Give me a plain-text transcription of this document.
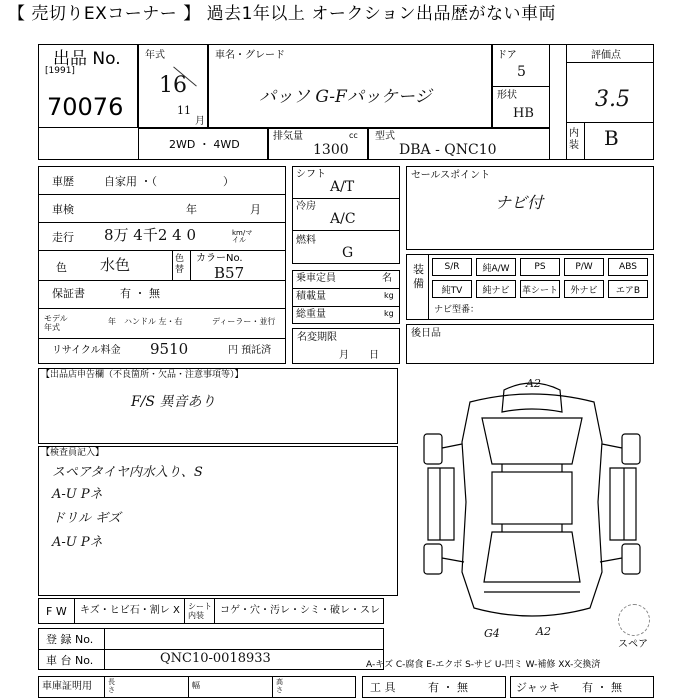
【 売切りEXコーナー 】 過去1年以上 オークション出品歴がない車両
出品 No.
[1991]
70076
年式
16
11
月
車名・グレード
パッソ G-Fパッケージ
ドア
5
形状
HB
評価点
3.5
内装 B
2WD ・ 4WD
排気量	cc
1300
型式
DBA - QNC10
車歴	自家用 ・（　　　　　　）
車検	年	月
走行 8万 4千2 4 0	km/マイル
色 水色	色替
カラーNo.
B57
保証書	有 ・ 無
モデル年式
年 ハンドル 左・右	ディーラー・並行
リサイクル料金 9510	円 預託済
シフト
A/T
冷房
A/C
燃料
G
乗車定員	名
積載量	kg
総重量	kg
名変期限
月　　日
セールスポイント
ナビ付
装備
S/R	純A/W	PS	P/W	ABS
純TV	純ナビ	革シート	外ナビ	エアB
ナビ型番：
後日品
【出品店申告欄（不良箇所・欠品・注意事項等）】
F/S 異音あり
【検査員記入】
スペアタイヤ内水入り、S
A-U Pネ
ドリル ギズ
A-U Pネ
A2
G4	A2
スペア
F W キズ・ヒビ石・割レ X シート内装	コゲ・穴・汚レ・シミ・破レ・スレ
登 録 No.
車 台 No.	QNC10-0018933	A-キズ C-腐食 E-エクボ S-サビ U-凹ミ W-補修 XX-交換済
車庫証明用 長さ	幅	高さ	工 具	有 ・ 無	ジャッキ 有 ・ 無
